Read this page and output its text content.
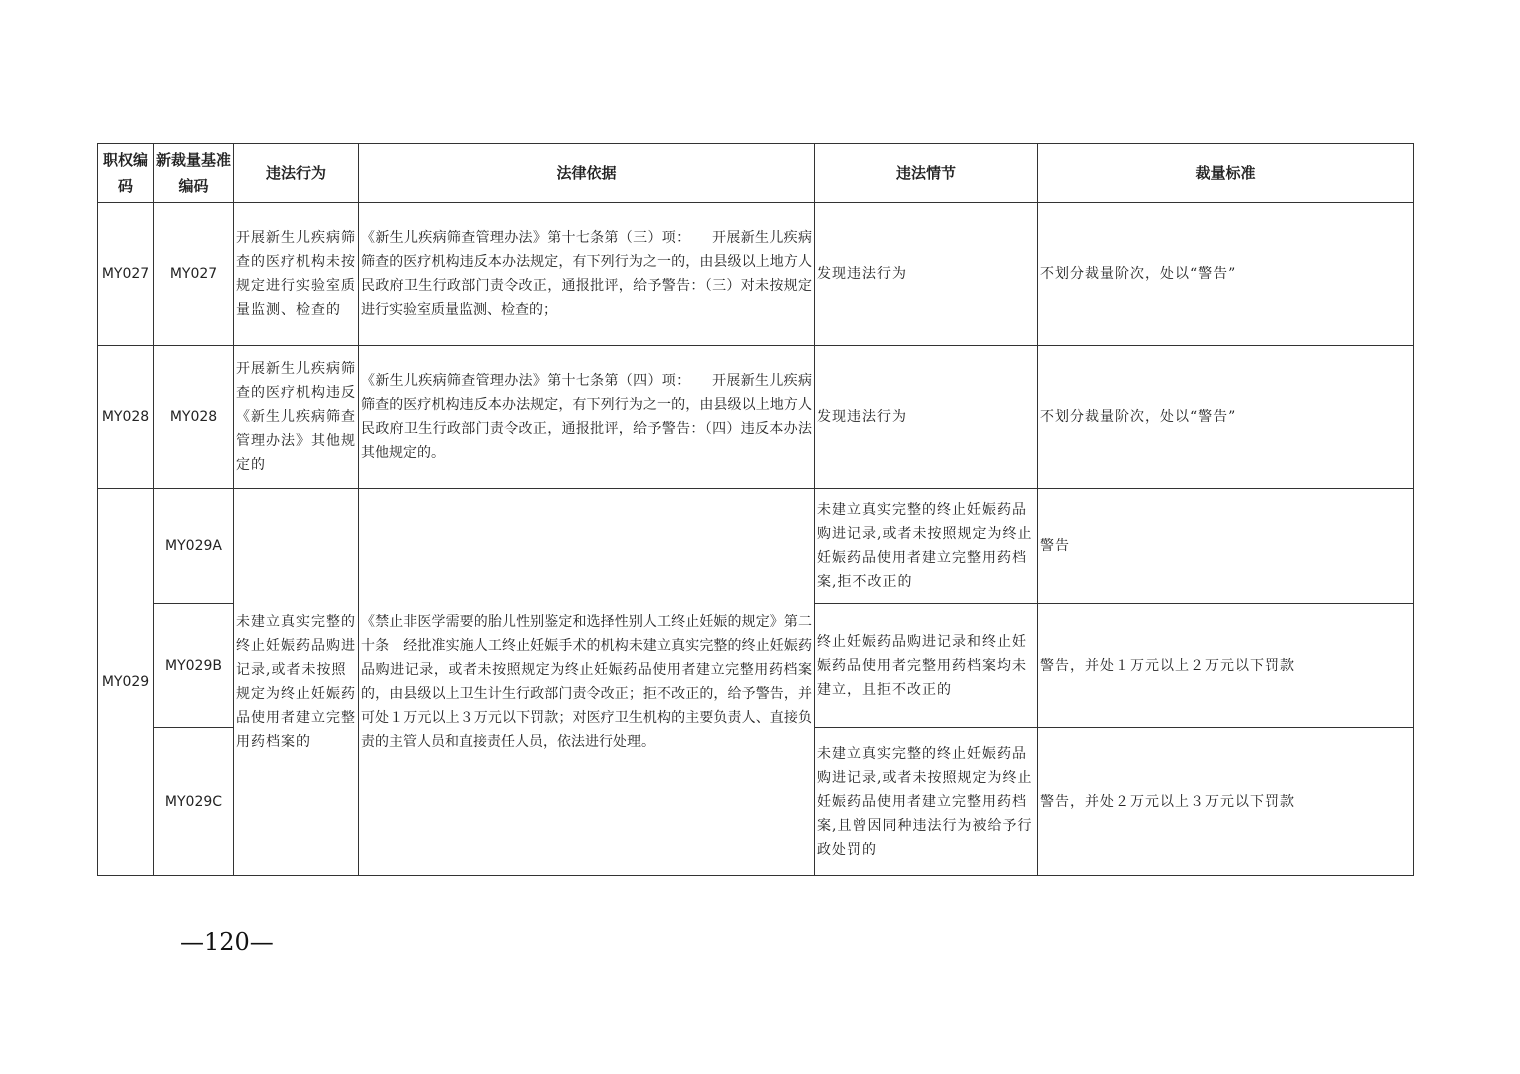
职权编码	新裁量基准编码	违法行为	法律依据	违法情节	裁量标准
MY027	MY027	开展新生儿疾病筛查的医疗机构未按规定进行实验室质量监测、检查的	《新生儿疾病筛查管理办法》第十七条第（三）项：　　开展新生儿疾病筛查的医疗机构违反本办法规定，有下列行为之一的，由县级以上地方人民政府卫生行政部门责令改正，通报批评，给予警告：（三）对未按规定进行实验室质量监测、检查的；	发现违法行为	不划分裁量阶次，处以“警告”
MY028	MY028	开展新生儿疾病筛查的医疗机构违反《新生儿疾病筛查管理办法》其他规定的	《新生儿疾病筛查管理办法》第十七条第（四）项：　　开展新生儿疾病筛查的医疗机构违反本办法规定，有下列行为之一的，由县级以上地方人民政府卫生行政部门责令改正，通报批评，给予警告：（四）违反本办法其他规定的。	发现违法行为	不划分裁量阶次，处以“警告”
MY029	MY029A	未建立真实完整的终止妊娠药品购进记录,或者未按照规定为终止妊娠药品使用者建立完整用药档案的	《禁止非医学需要的胎儿性别鉴定和选择性别人工终止妊娠的规定》第二十条　经批准实施人工终止妊娠手术的机构未建立真实完整的终止妊娠药品购进记录，或者未按照规定为终止妊娠药品使用者建立完整用药档案的，由县级以上卫生计生行政部门责令改正；拒不改正的，给予警告，并可处１万元以上３万元以下罚款；对医疗卫生机构的主要负责人、直接负责的主管人员和直接责任人员，依法进行处理。	未建立真实完整的终止妊娠药品购进记录,或者未按照规定为终止妊娠药品使用者建立完整用药档案,拒不改正的	警告
	MY029B			终止妊娠药品购进记录和终止妊娠药品使用者完整用药档案均未建立，且拒不改正的	警告，并处１万元以上２万元以下罚款
	MY029C			未建立真实完整的终止妊娠药品购进记录,或者未按照规定为终止妊娠药品使用者建立完整用药档案,且曾因同种违法行为被给予行政处罚的	警告，并处２万元以上３万元以下罚款
—120—
